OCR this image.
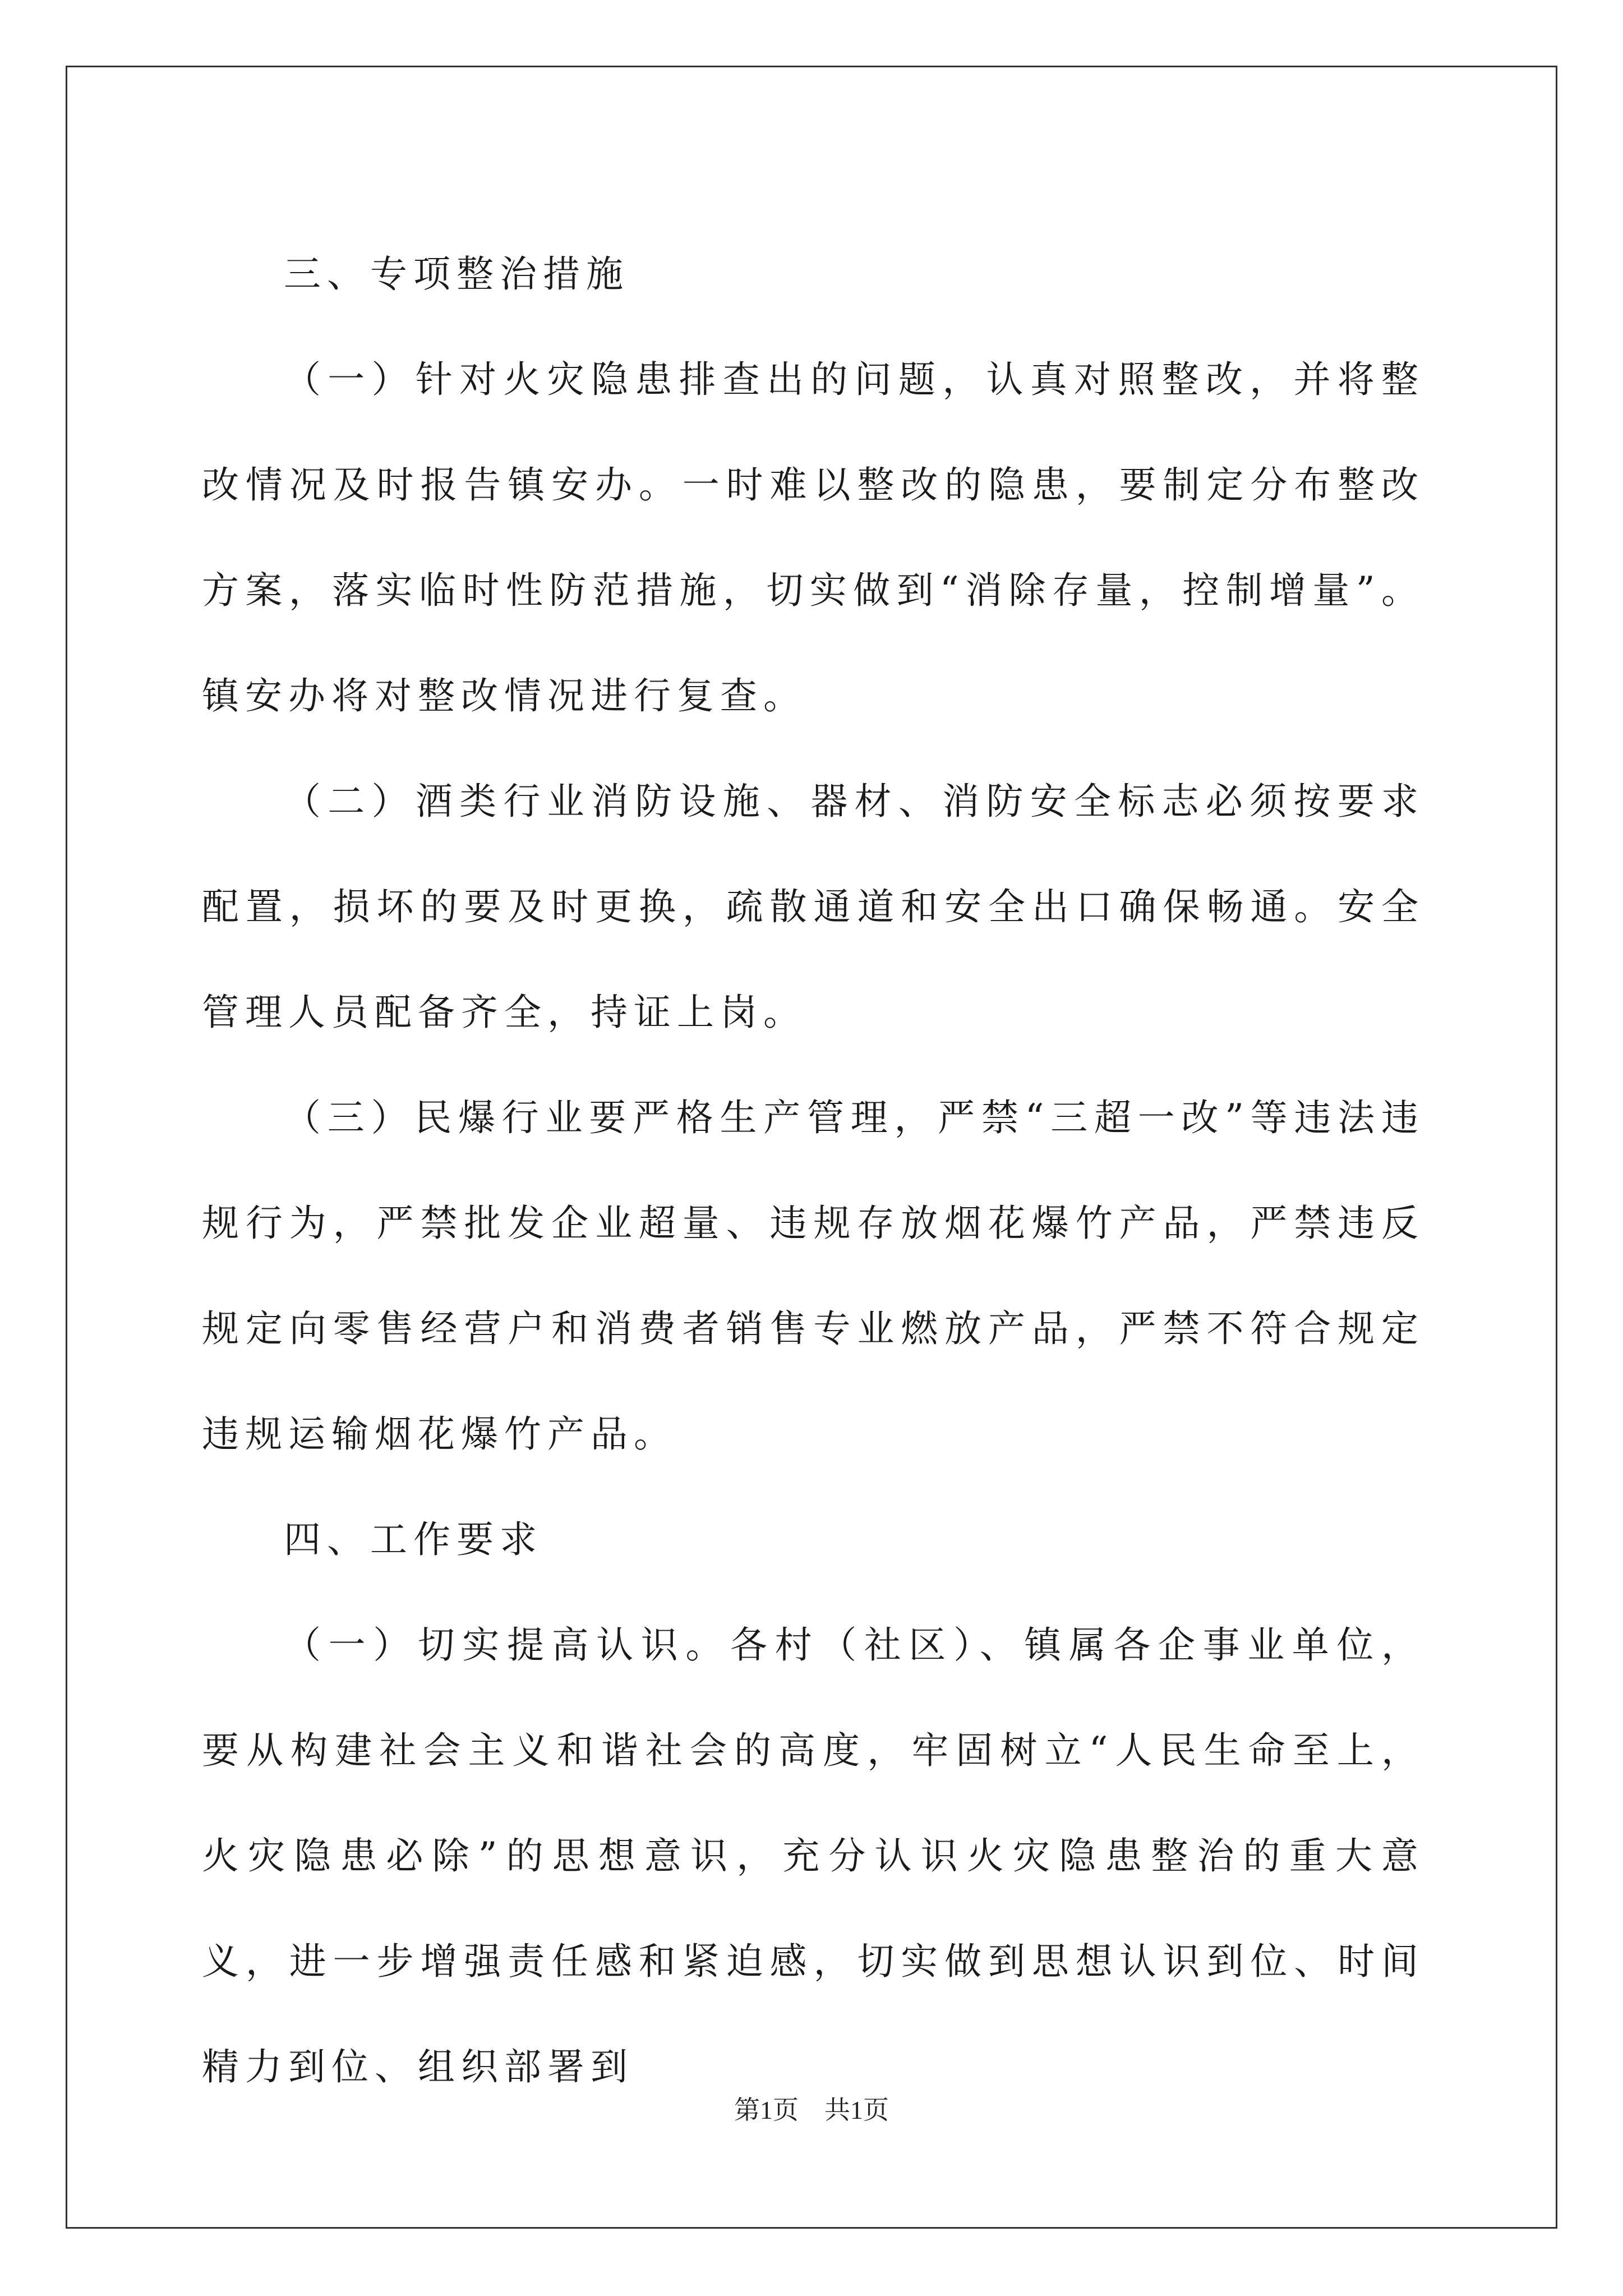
三、专项整治措施

（一）针对火灾隐患排查出的问题，认真对照整改，并将整改情况及时报告镇安办。一时难以整改的隐患，要制定分布整改方案，落实临时性防范措施，切实做到“消除存量，控制增量”。镇安办将对整改情况进行复查。

（二）酒类行业消防设施、器材、消防安全标志必须按要求配置，损坏的要及时更换，疏散通道和安全出口确保畅通。安全管理人员配备齐全，持证上岗。

（三）民爆行业要严格生产管理，严禁“三超一改”等违法违规行为，严禁批发企业超量、违规存放烟花爆竹产品，严禁违反规定向零售经营户和消费者销售专业燃放产品，严禁不符合规定违规运输烟花爆竹产品。

四、工作要求

（一）切实提高认识。各村（社区）、镇属各企事业单位，要从构建社会主义和谐社会的高度，牢固树立“人民生命至上，火灾隐患必除”的思想意识，充分认识火灾隐患整治的重大意义，进一步增强责任感和紧迫感，切实做到思想认识到位、时间精力到位、组织部署到

第1页　共1页
